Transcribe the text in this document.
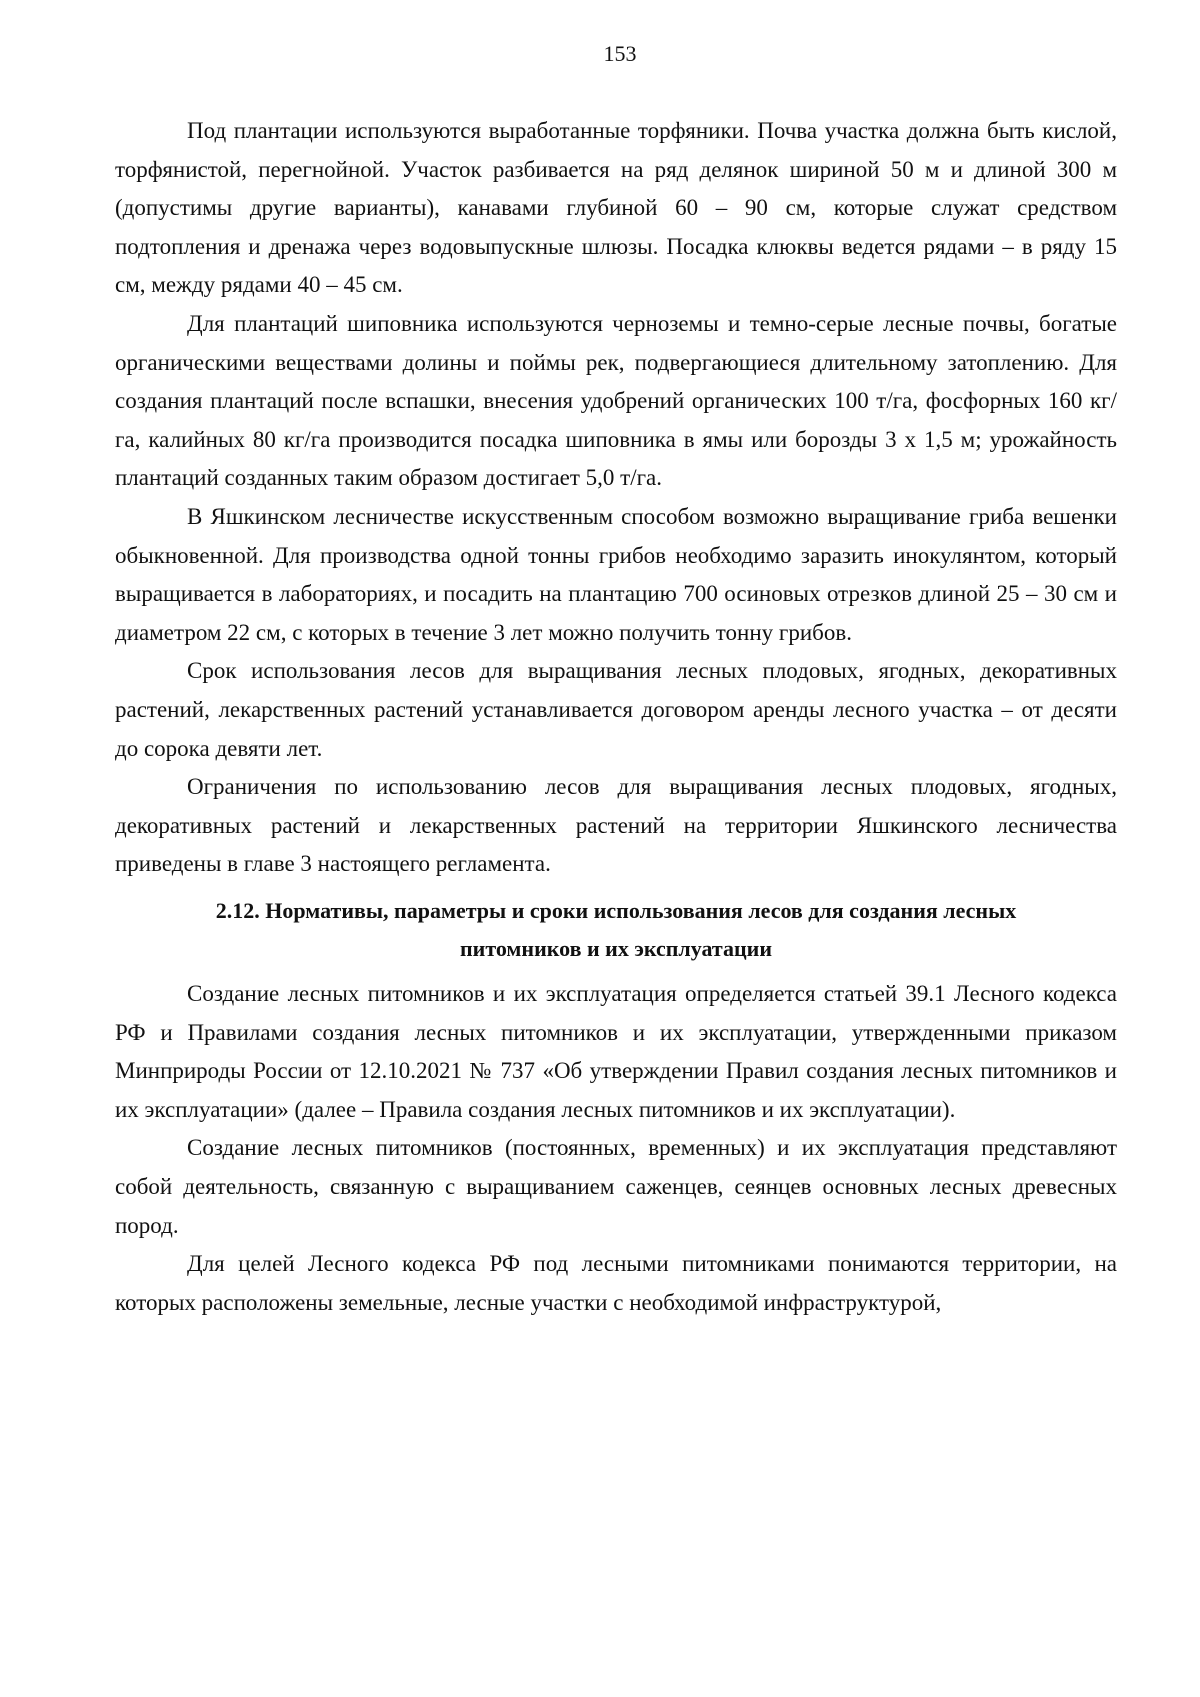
153

Под плантации используются выработанные торфяники. Почва участка должна быть кислой, торфянистой, перегнойной. Участок разбивается на ряд делянок шириной 50 м и длиной 300 м (допустимы другие варианты), канавами глубиной 60 – 90 см, которые служат средством подтопления и дренажа через водовыпускные шлюзы. Посадка клюквы ведется рядами – в ряду 15 см, между рядами 40 – 45 см.

Для плантаций шиповника используются черноземы и темно-серые лесные почвы, богатые органическими веществами долины и поймы рек, подвергающиеся длительному затоплению. Для создания плантаций после вспашки, внесения удобрений органических 100 т/га, фосфорных 160 кг/га, калийных 80 кг/га производится посадка шиповника в ямы или борозды 3 х 1,5 м; урожайность плантаций созданных таким образом достигает 5,0 т/га.

В Яшкинском лесничестве искусственным способом возможно выращивание гриба вешенки обыкновенной. Для производства одной тонны грибов необходимо заразить инокулянтом, который выращивается в лабораториях, и посадить на плантацию 700 осиновых отрезков длиной 25 – 30 см и диаметром 22 см, с которых в течение 3 лет можно получить тонну грибов.

Срок использования лесов для выращивания лесных плодовых, ягодных, декоративных растений, лекарственных растений устанавливается договором аренды лесного участка – от десяти до сорока девяти лет.

Ограничения по использованию лесов для выращивания лесных плодовых, ягодных, декоративных растений и лекарственных растений на территории Яшкинского лесничества приведены в главе 3 настоящего регламента.

2.12. Нормативы, параметры и сроки использования лесов для создания лесных
питомников и их эксплуатации

Создание лесных питомников и их эксплуатация определяется статьей 39.1 Лесного кодекса РФ и Правилами создания лесных питомников и их эксплуатации, утвержденными приказом Минприроды России от 12.10.2021 № 737 «Об утверждении Правил создания лесных питомников и их эксплуатации» (далее – Правила создания лесных питомников и их эксплуатации).

Создание лесных питомников (постоянных, временных) и их эксплуатация представляют собой деятельность, связанную с выращиванием саженцев, сеянцев основных лесных древесных пород.

Для целей Лесного кодекса РФ под лесными питомниками понимаются территории, на которых расположены земельные, лесные участки с необходимой инфраструктурой,
